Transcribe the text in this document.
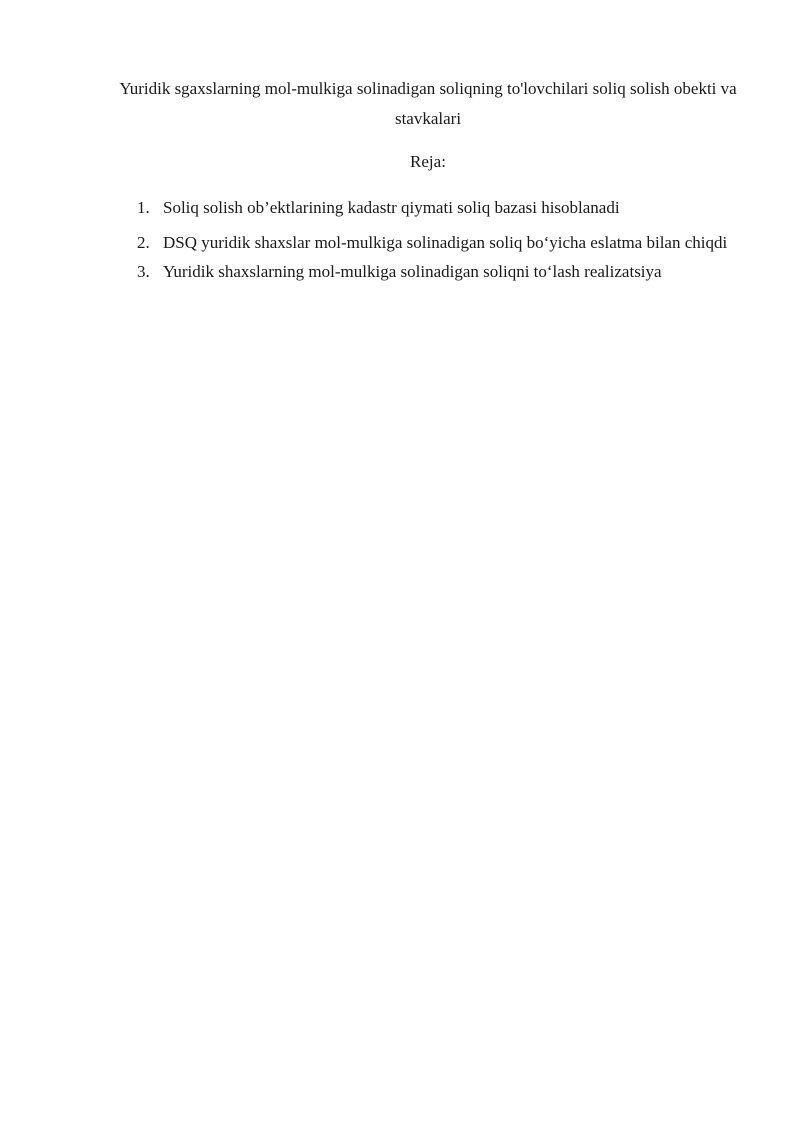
Yuridik sgaxslarning mol-mulkiga solinadigan soliqning to'lovchilari soliq solish obekti va stavkalari

Reja:

1. Soliq solish ob’ektlarining kadastr qiymati soliq bazasi hisoblanadi
2. DSQ yuridik shaxslar mol-mulkiga solinadigan soliq bo‘yicha eslatma bilan chiqdi
3. Yuridik shaxslarning mol-mulkiga solinadigan soliqni to‘lash realizatsiya
